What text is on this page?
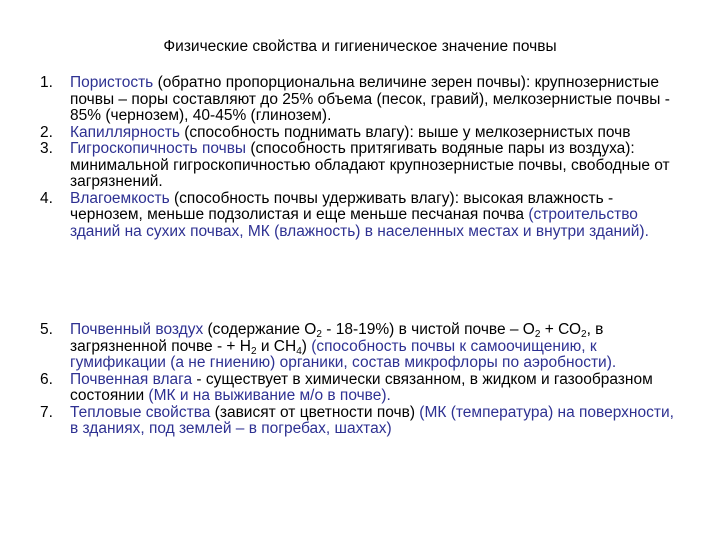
Физические свойства и гигиеническое значение почвы
1.	Пористость (обратно пропорциональна величине зерен почвы): крупнозернистые почвы – поры составляют до 25% объема (песок, гравий), мелкозернистые почвы - 85% (чернозем), 40-45% (глинозем).
2.	Капиллярность (способность поднимать влагу): выше у мелкозернистых почв
3.	Гигроскопичность почвы (способность притягивать водяные пары из воздуха): минимальной гигроскопичностью обладают крупнозернистые почвы, свободные от загрязнений.
4.	Влагоемкость (способность почвы удерживать влагу): высокая влажность - чернозем, меньше подзолистая и еще меньше песчаная почва (строительство зданий на сухих почвах, МК (влажность) в населенных местах и внутри зданий).
5.	Почвенный воздух (содержание $О_2 - 18-19\%$) в чистой почве – $О_2 + СО_2$, в загрязненной почве - + $Н_2$ и $СН_4$) (способность почвы к самоочищению, к гумификации (а не гниению) органики, состав микрофлоры по аэробности).
6.	Почвенная влага - существует в химически связанном, в жидком и газообразном состоянии (МК и на выживание м/о в почве).
7.	Тепловые свойства (зависят от цветности почв) (МК (температура) на поверхности, в зданиях, под землей – в погребах, шахтах)
